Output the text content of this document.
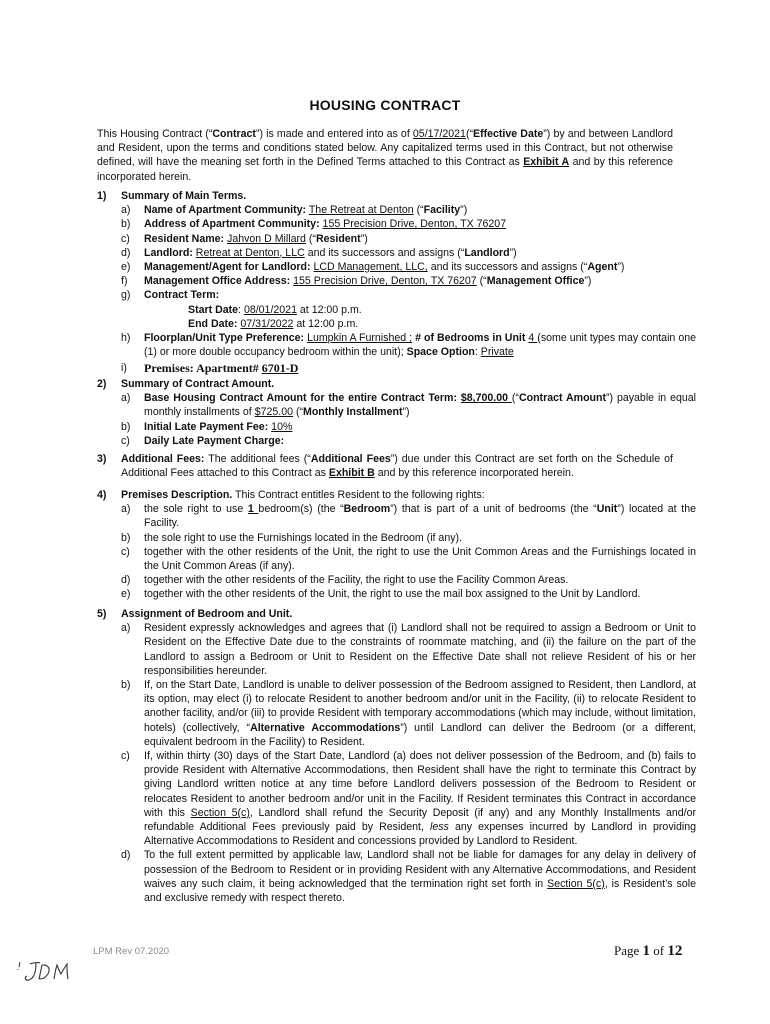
HOUSING CONTRACT
This Housing Contract (“Contract”) is made and entered into as of 05/17/2021(“Effective Date”) by and between Landlord and Resident, upon the terms and conditions stated below. Any capitalized terms used in this Contract, but not otherwise defined, will have the meaning set forth in the Defined Terms attached to this Contract as Exhibit A and by this reference incorporated herein.
1)	Summary of Main Terms.
a) Name of Apartment Community: The Retreat at Denton (“Facility”)
b) Address of Apartment Community: 155 Precision Drive, Denton, TX 76207
c) Resident Name: Jahvon D Millard (“Resident”)
d) Landlord: Retreat at Denton, LLC and its successors and assigns (“Landlord”)
e) Management/Agent for Landlord: LCD Management, LLC, and its successors and assigns (“Agent”)
f) Management Office Address: 155 Precision Drive, Denton, TX 76207 (“Management Office”)
g) Contract Term:
Start Date: 08/01/2021 at 12:00 p.m.
End Date: 07/31/2022 at 12:00 p.m.
h) Floorplan/Unit Type Preference: Lumpkin A Furnished ; # of Bedrooms in Unit 4 (some unit types may contain one (1) or more double occupancy bedroom within the unit); Space Option: Private
i) Premises: Apartment# 6701-D
2)	Summary of Contract Amount.
a) Base Housing Contract Amount for the entire Contract Term: $8,700.00 (“Contract Amount”) payable in equal monthly installments of $725.00 (“Monthly Installment”)
b) Initial Late Payment Fee: 10%
c) Daily Late Payment Charge:
3)	Additional Fees: The additional fees (“Additional Fees”) due under this Contract are set forth on the Schedule of Additional Fees attached to this Contract as Exhibit B and by this reference incorporated herein.
4)	Premises Description. This Contract entitles Resident to the following rights:
a) the sole right to use 1 bedroom(s) (the “Bedroom”) that is part of a unit of bedrooms (the “Unit”) located at the Facility.
b) the sole right to use the Furnishings located in the Bedroom (if any).
c) together with the other residents of the Unit, the right to use the Unit Common Areas and the Furnishings located in the Unit Common Areas (if any).
d) together with the other residents of the Facility, the right to use the Facility Common Areas.
e) together with the other residents of the Unit, the right to use the mail box assigned to the Unit by Landlord.
5)	Assignment of Bedroom and Unit.
a) Resident expressly acknowledges and agrees that (i) Landlord shall not be required to assign a Bedroom or Unit to Resident on the Effective Date due to the constraints of roommate matching, and (ii) the failure on the part of the Landlord to assign a Bedroom or Unit to Resident on the Effective Date shall not relieve Resident of his or her responsibilities hereunder.
b) If, on the Start Date, Landlord is unable to deliver possession of the Bedroom assigned to Resident, then Landlord, at its option, may elect (i) to relocate Resident to another bedroom and/or unit in the Facility, (ii) to relocate Resident to another facility, and/or (iii) to provide Resident with temporary accommodations (which may include, without limitation, hotels) (collectively, “Alternative Accommodations”) until Landlord can deliver the Bedroom (or a different, equivalent bedroom in the Facility) to Resident.
c) If, within thirty (30) days of the Start Date, Landlord (a) does not deliver possession of the Bedroom, and (b) fails to provide Resident with Alternative Accommodations, then Resident shall have the right to terminate this Contract by giving Landlord written notice at any time before Landlord delivers possession of the Bedroom to Resident or relocates Resident to another bedroom and/or unit in the Facility. If Resident terminates this Contract in accordance with this Section 5(c), Landlord shall refund the Security Deposit (if any) and any Monthly Installments and/or refundable Additional Fees previously paid by Resident, less any expenses incurred by Landlord in providing Alternative Accommodations to Resident and concessions provided by Landlord to Resident.
d) To the full extent permitted by applicable law, Landlord shall not be liable for damages for any delay in delivery of possession of the Bedroom to Resident or in providing Resident with any Alternative Accommodations, and Resident waives any such claim, it being acknowledged that the termination right set forth in Section 5(c), is Resident’s sole and exclusive remedy with respect thereto.
LPM Rev 07.2020	Page 1 of 12
